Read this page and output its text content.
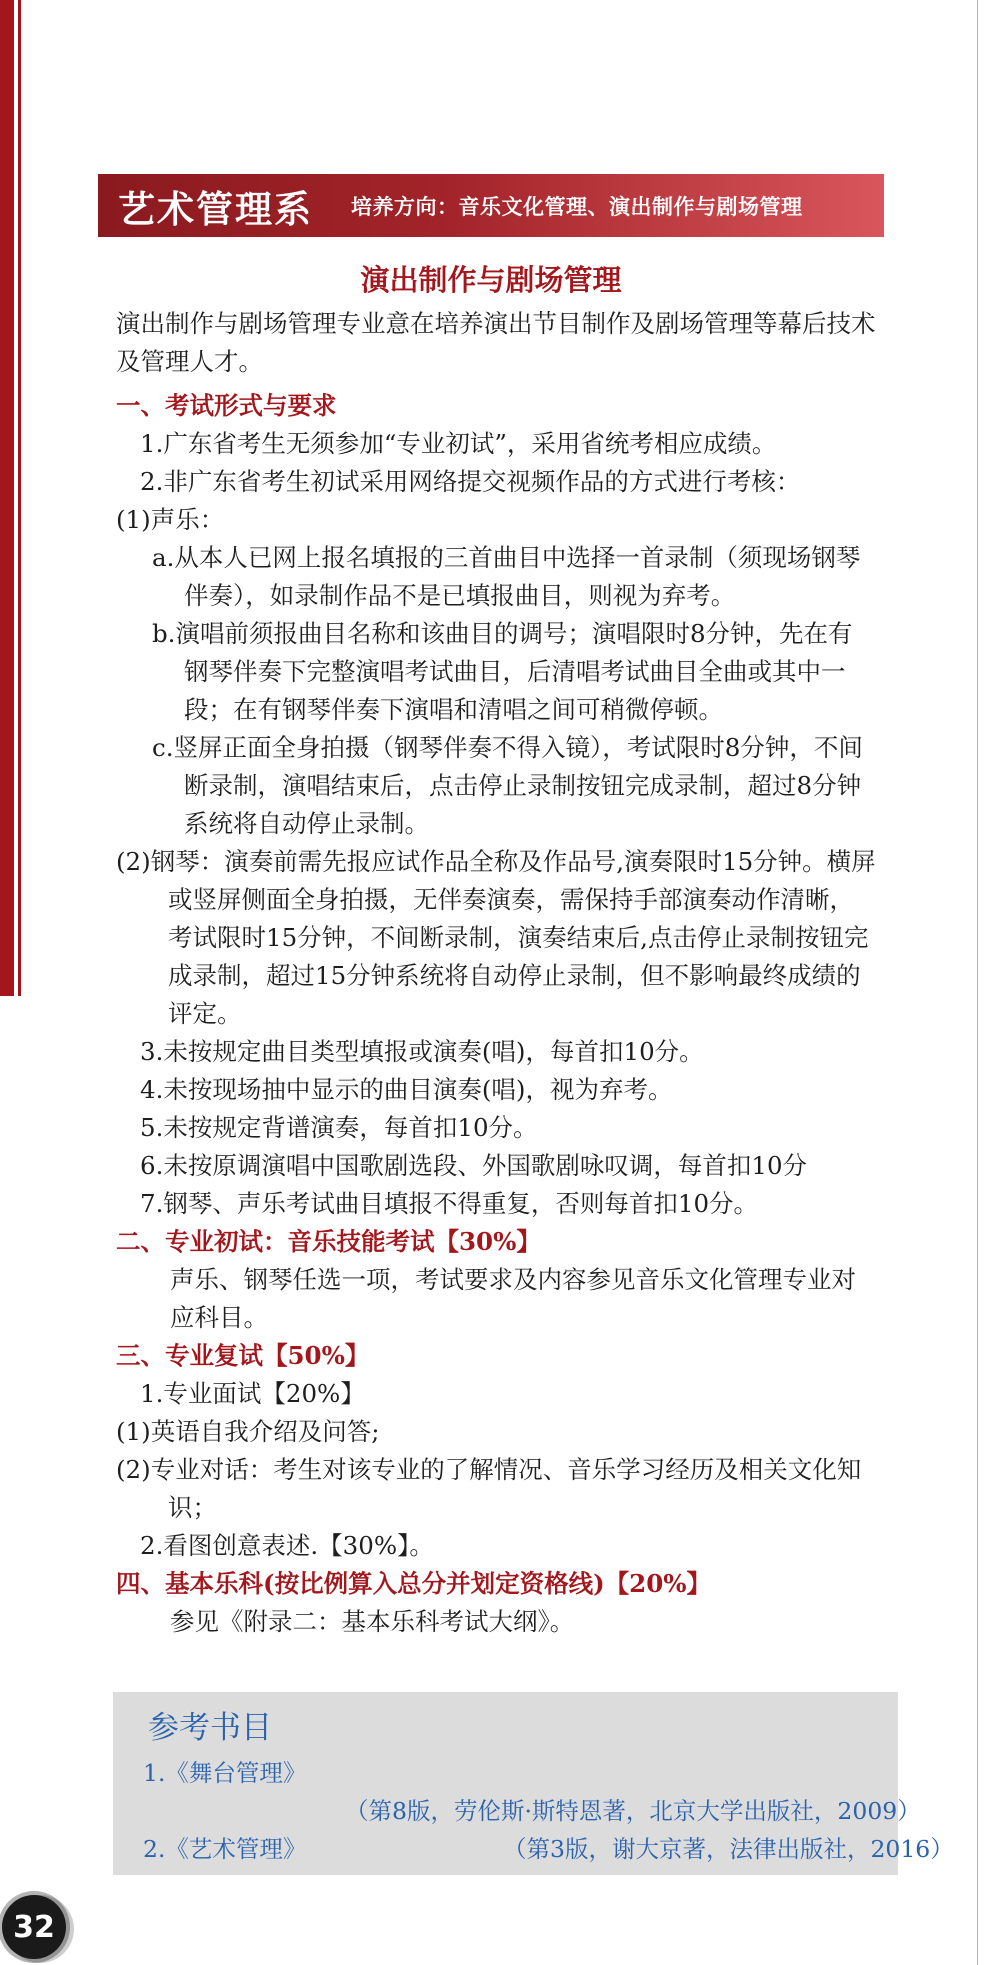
艺术管理系 培养方向：音乐文化管理、演出制作与剧场管理
演出制作与剧场管理

演出制作与剧场管理专业意在培养演出节目制作及剧场管理等幕后技术及管理人才。

一、考试形式与要求

1.广东省考生无须参加“专业初试”，采用省统考相应成绩。

2.非广东省考生初试采用网络提交视频作品的方式进行考核：

(1)声乐：

a.从本人已网上报名填报的三首曲目中选择一首录制（须现场钢琴伴奏），如录制作品不是已填报曲目，则视为弃考。

b.演唱前须报曲目名称和该曲目的调号；演唱限时8分钟，先在有钢琴伴奏下完整演唱考试曲目，后清唱考试曲目全曲或其中一段；在有钢琴伴奏下演唱和清唱之间可稍微停顿。

c.竖屏正面全身拍摄（钢琴伴奏不得入镜），考试限时8分钟，不间断录制，演唱结束后，点击停止录制按钮完成录制，超过8分钟系统将自动停止录制。

(2)钢琴：演奏前需先报应试作品全称及作品号,演奏限时15分钟。横屏或竖屏侧面全身拍摄，无伴奏演奏，需保持手部演奏动作清晰，考试限时15分钟，不间断录制，演奏结束后,点击停止录制按钮完成录制，超过15分钟系统将自动停止录制，但不影响最终成绩的评定。

3.未按规定曲目类型填报或演奏(唱)，每首扣10分。

4.未按现场抽中显示的曲目演奏(唱)，视为弃考。

5.未按规定背谱演奏，每首扣10分。

6.未按原调演唱中国歌剧选段、外国歌剧咏叹调，每首扣10分

7.钢琴、声乐考试曲目填报不得重复，否则每首扣10分。

二、专业初试：音乐技能考试【30%】

声乐、钢琴任选一项，考试要求及内容参见音乐文化管理专业对应科目。

三、专业复试【50%】

1.专业面试【20%】

(1)英语自我介绍及问答;

(2)专业对话：考生对该专业的了解情况、音乐学习经历及相关文化知识；

2.看图创意表述.【30%】。

四、基本乐科(按比例算入总分并划定资格线)【20%】

参见《附录二：基本乐科考试大纲》。

参考书目
1.《舞台管理》
（第8版，劳伦斯·斯特恩著，北京大学出版社，2009）
2.《艺术管理》	（第3版，谢大京著，法律出版社，2016）
32
